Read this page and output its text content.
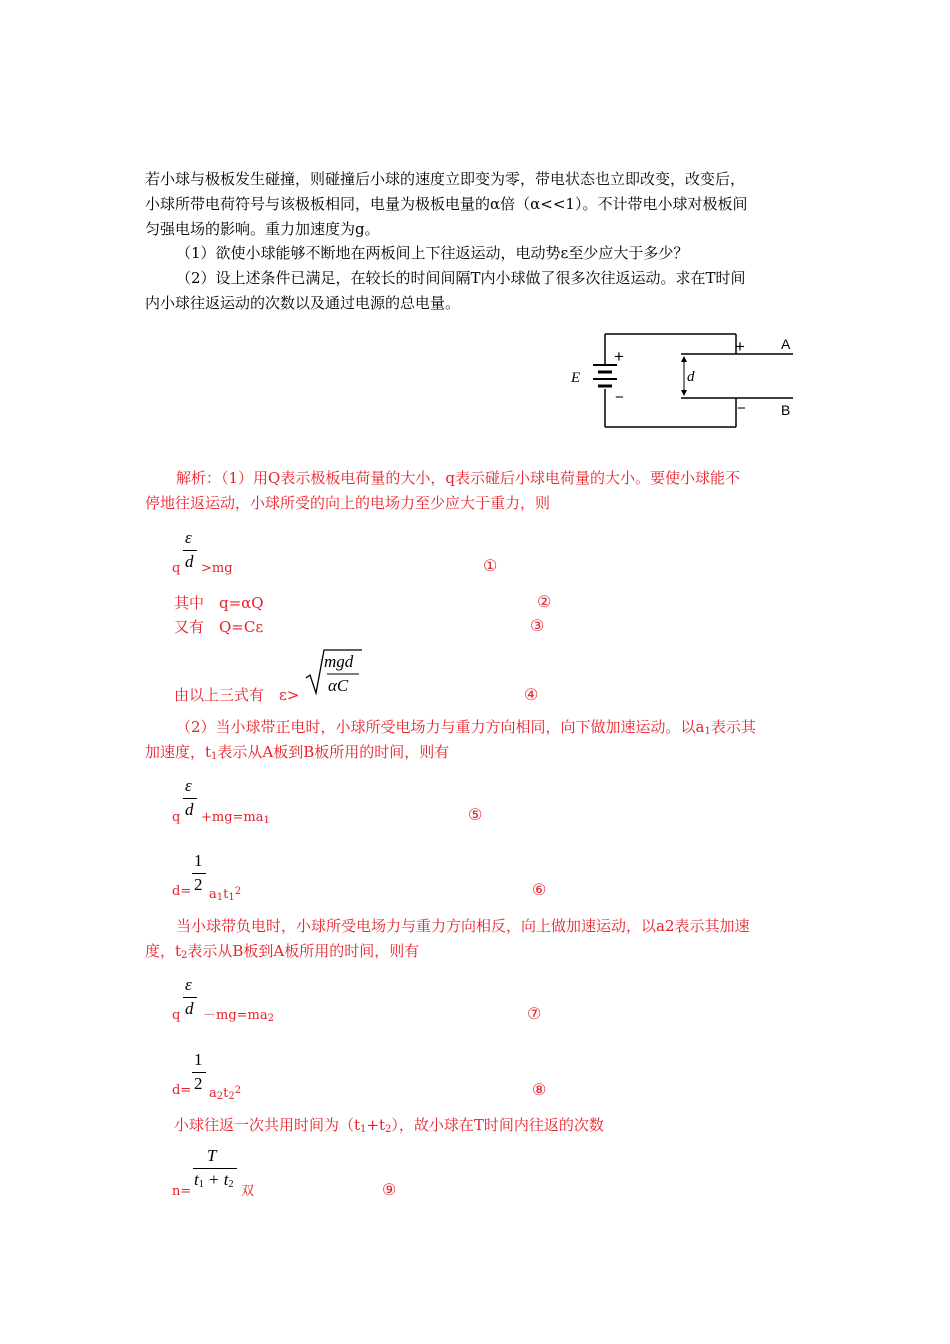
若小球与极板发生碰撞，则碰撞后小球的速度立即变为零，带电状态也立即改变，改变后，
小球所带电荷符号与该极板相同，电量为极板电量的α倍（α<<1）。不计带电小球对极板间
匀强电场的影响。重力加速度为g。
（1）欲使小球能够不断地在两板间上下往返运动，电动势ε至少应大于多少？
（2）设上述条件已满足，在较长的时间间隔T内小球做了很多次往返运动。求在T时间
内小球往返运动的次数以及通过电源的总电量。
E
+
−
d
+	A
−	B
解析：（1）用Q表示极板电荷量的大小，q表示碰后小球电荷量的大小。要使小球能不
停地往返运动，小球所受的向上的电场力至少应大于重力，则
ε
d
q >mg	①
其中　q=αQ	②
又有　Q=Cε	③
由以上三式有　ε>
mgd
αC	④
（2）当小球带正电时，小球所受电场力与重力方向相同，向下做加速运动。以$a_1$表示其
加速度，$t_1$表示从A板到B板所用的时间，则有
ε
d
$q +mg=ma_1$	⑤
1
2
$d= a_1t_1^2$	⑥
当小球带负电时，小球所受电场力与重力方向相反，向上做加速运动，以a2表示其加速
度，$t_2$表示从B板到A板所用的时间，则有
ε
d
$q -mg=ma_2$	⑦
1
2
$d= a_2t_2^2$	⑧
小球往返一次共用时间为$(t_1+t_2)$，故小球在T时间内往返的次数
T
$t_1 + t_2$
n=	双	⑨
